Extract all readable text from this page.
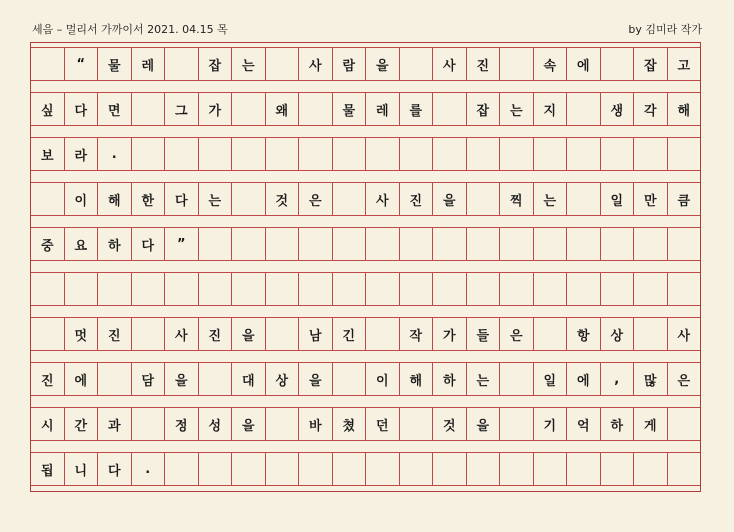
세음 – 멀리서 가까이서 2021. 04.15 목	by 김미라 작가
“	물	레	잡	는	사	람	을	사	진	속	에	잡	고
싶	다	면	그	가	왜	물	레	를	잡	는	지	생	각	해
보	라	.
이	해	한	다	는	것	은	사	진	을	찍	는	일	만	큼
중	요	하	다	”
멋	진	사	진	을	남	긴	작	가	들	은	항	상	사
진	에	담	을	대	상	을	이	해	하	는	일	에	,	많	은
시	간	과	정	성	을	바	쳤	던	것	을	기	억	하	게
됩	니	다	.
